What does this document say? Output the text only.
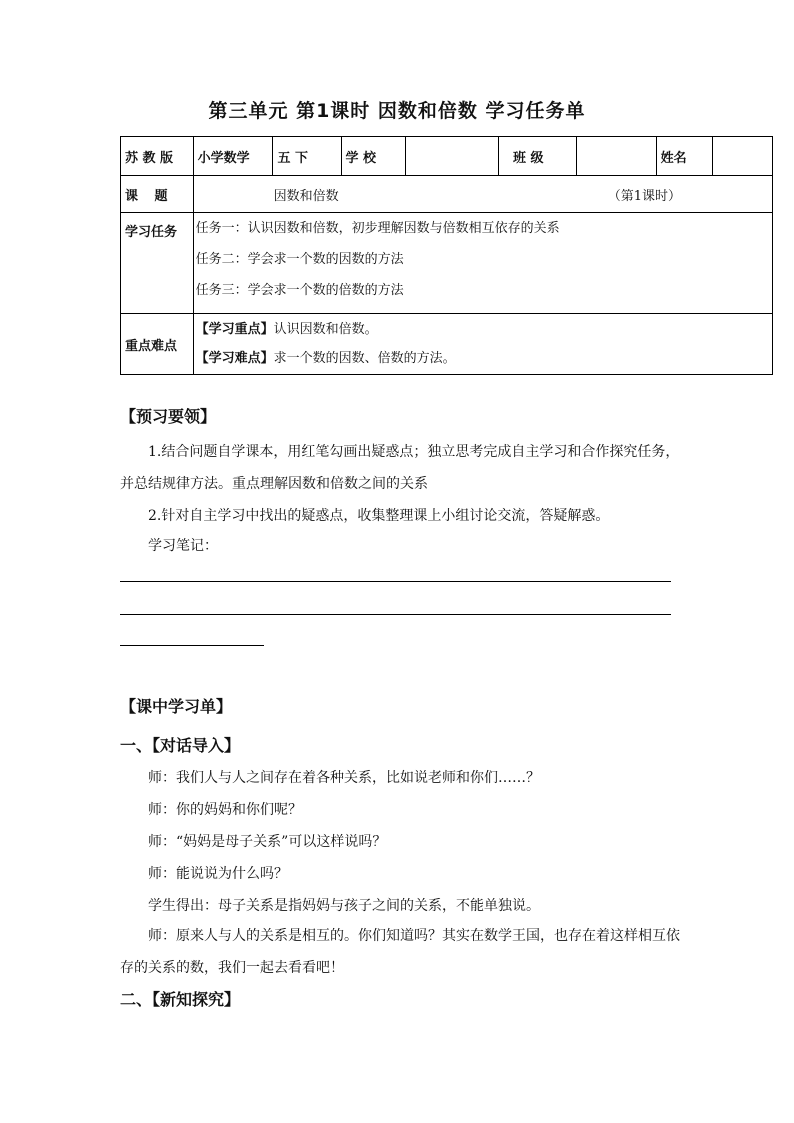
第三单元 第1课时 因数和倍数 学习任务单
苏 教 版	小学数学	五 下	学 校		班 级		姓名	
课 题	因数和倍数 （第1课时）							
学习任务	任务一：认识因数和倍数，初步理解因数与倍数相互依存的关系
任务二：学会求一个数的因数的方法
任务三：学会求一个数的倍数的方法							

重点难点	【学习重点】认识因数和倍数。
【学习难点】求一个数的因数、倍数的方法。							
【预习要领】
1.结合问题自学课本，用红笔勾画出疑惑点；独立思考完成自主学习和合作探究任务，并总结规律方法。重点理解因数和倍数之间的关系
2.针对自主学习中找出的疑惑点，收集整理课上小组讨论交流，答疑解惑。
学习笔记：
【课中学习单】
一、【对话导入】
师：我们人与人之间存在着各种关系，比如说老师和你们……？
师：你的妈妈和你们呢？
师：“妈妈是母子关系”可以这样说吗？
师：能说说为什么吗？
学生得出：母子关系是指妈妈与孩子之间的关系，不能单独说。
师：原来人与人的关系是相互的。你们知道吗？其实在数学王国，也存在着这样相互依存的关系的数，我们一起去看看吧！
二、【新知探究】
